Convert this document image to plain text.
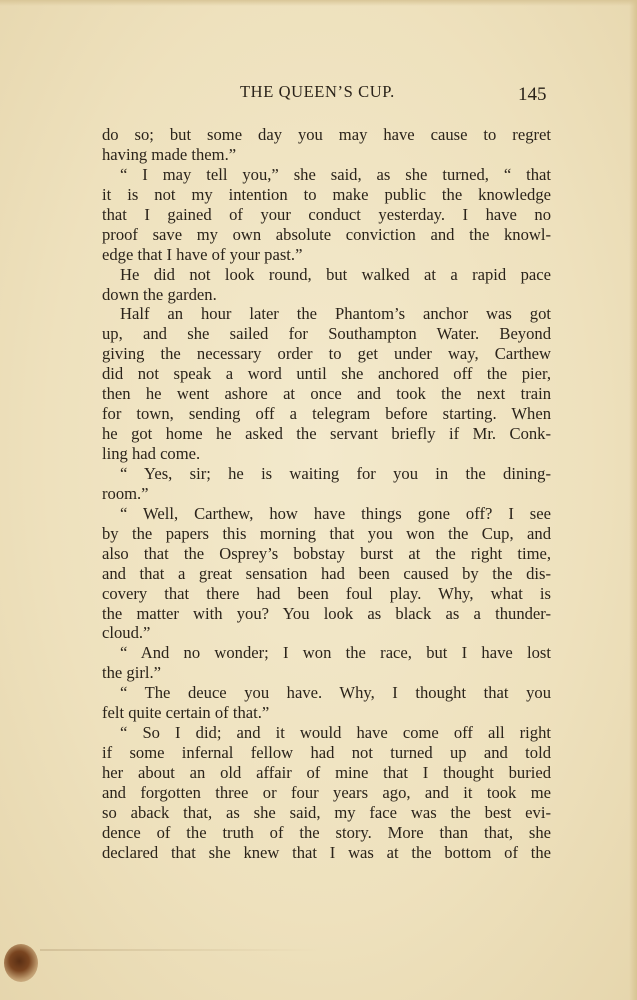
THE QUEEN’S CUP.	145
do so; but some day you may have cause to regret
having made them.”
“ I may tell you,” she said, as she turned, “ that
it is not my intention to make public the knowledge
that I gained of your conduct yesterday. I have no
proof save my own absolute conviction and the knowl-
edge that I have of your past.”
He did not look round, but walked at a rapid pace
down the garden.
Half an hour later the Phantom’s anchor was got
up, and she sailed for Southampton Water. Beyond
giving the necessary order to get under way, Carthew
did not speak a word until she anchored off the pier,
then he went ashore at once and took the next train
for town, sending off a telegram before starting. When
he got home he asked the servant briefly if Mr. Conk-
ling had come.
“ Yes, sir; he is waiting for you in the dining-
room.”
“ Well, Carthew, how have things gone off? I see
by the papers this morning that you won the Cup, and
also that the Osprey’s bobstay burst at the right time,
and that a great sensation had been caused by the dis-
covery that there had been foul play. Why, what is
the matter with you? You look as black as a thunder-
cloud.”
“ And no wonder; I won the race, but I have lost
the girl.”
“ The deuce you have. Why, I thought that you
felt quite certain of that.”
“ So I did; and it would have come off all right
if some infernal fellow had not turned up and told
her about an old affair of mine that I thought buried
and forgotten three or four years ago, and it took me
so aback that, as she said, my face was the best evi-
dence of the truth of the story. More than that, she
declared that she knew that I was at the bottom of the
